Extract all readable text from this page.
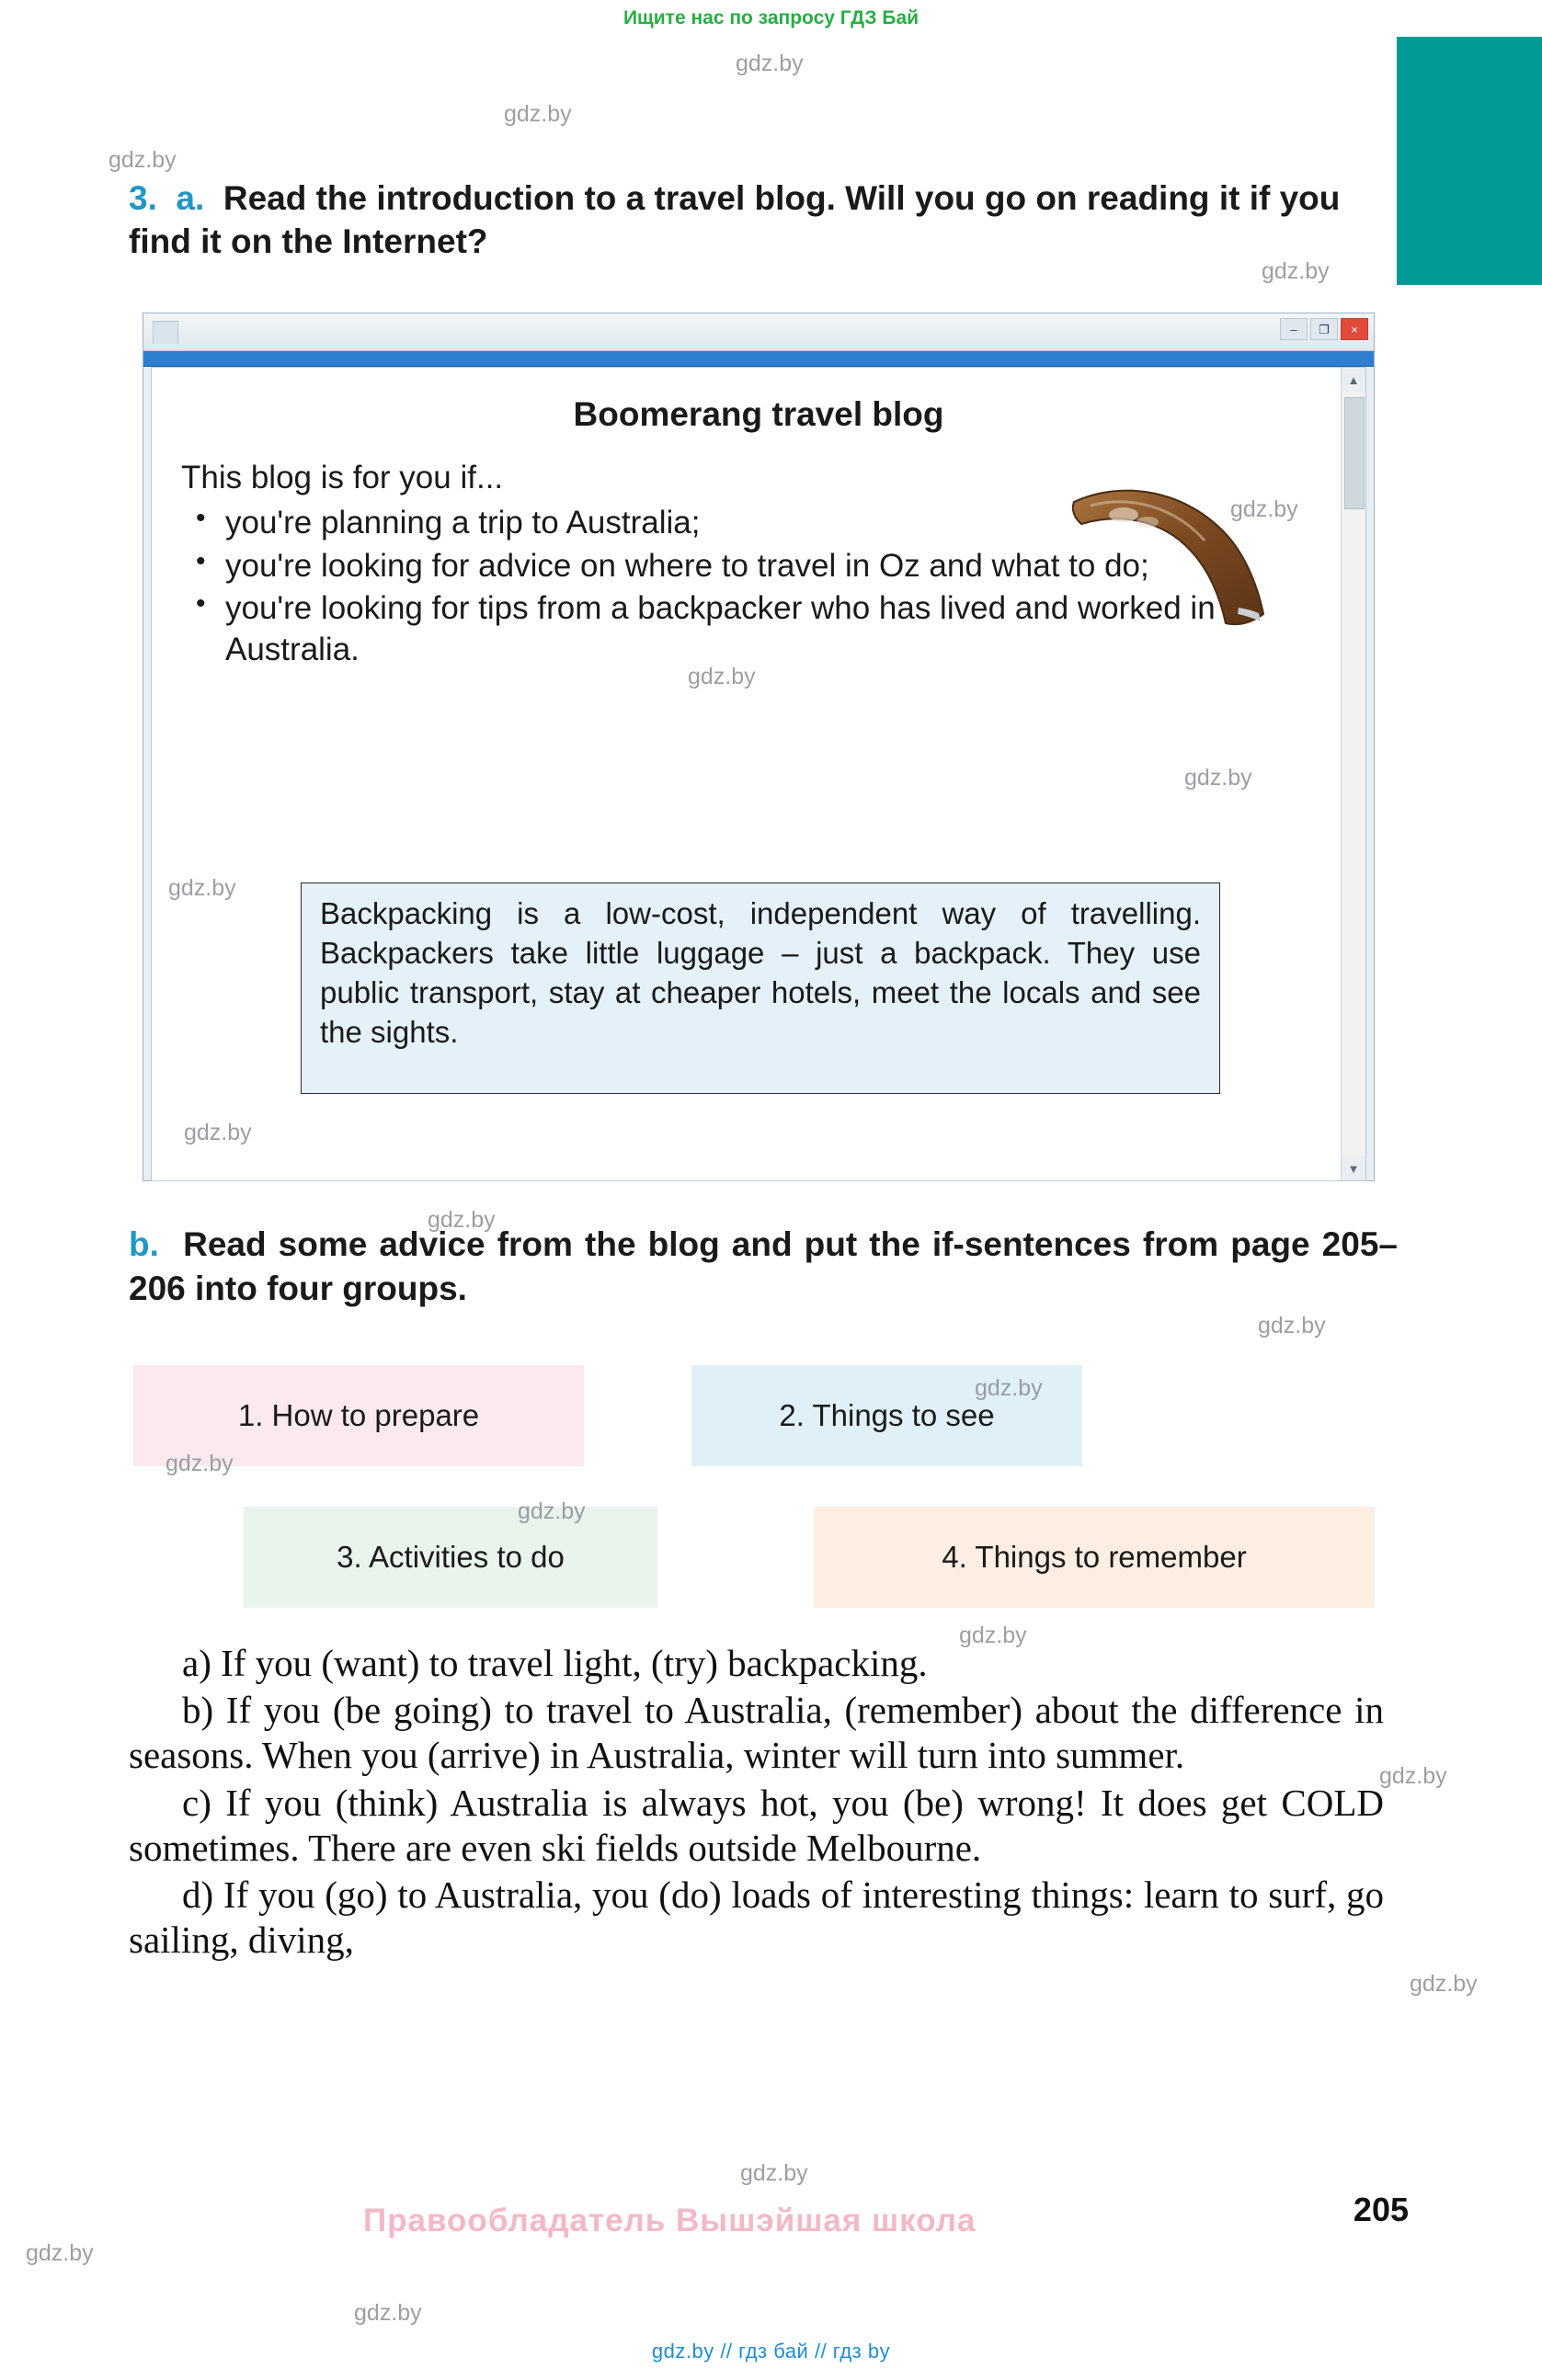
Ищите нас по запросу ГДЗ Бай
3. a. Read the introduction to a travel blog. Will you go on reading it if you find it on the Internet?
–	❐	×
Boomerang travel blog

This blog is for you if...

• you're planning a trip to Australia;
• you're looking for advice on where to travel in Oz and what to do;
• you're looking for tips from a backpacker who has lived and worked in Australia.
Backpacking is a low-cost, independent way of travelling. Backpackers take little luggage – just a backpack. They use public transport, stay at cheaper hotels, meet the locals and see the sights.
▲
▼
b. Read some advice from the blog and put the if-sentences from page 205–206 into four groups.
1. How to prepare	2. Things to see
3. Activities to do	4. Things to remember

a) If you (want) to travel light, (try) backpacking.

b) If you (be going) to travel to Australia, (remember) about the difference in seasons. When you (arrive) in Australia, winter will turn into summer.

c) If you (think) Australia is always hot, you (be) wrong! It does get COLD sometimes. There are even ski fields outside Melbourne.

d) If you (go) to Australia, you (do) loads of interesting things: learn to surf, go sailing, diving,

205
Правообладатель Вышэйшая школа
gdz.by // гдз бай // гдз by
gdz.by
gdz.by
gdz.by
gdz.by
gdz.by
gdz.by
gdz.by
gdz.by
gdz.by
gdz.by
gdz.by
gdz.by
gdz.by
gdz.by
gdz.by
gdz.by
gdz.by
gdz.by
gdz.by
gdz.by
